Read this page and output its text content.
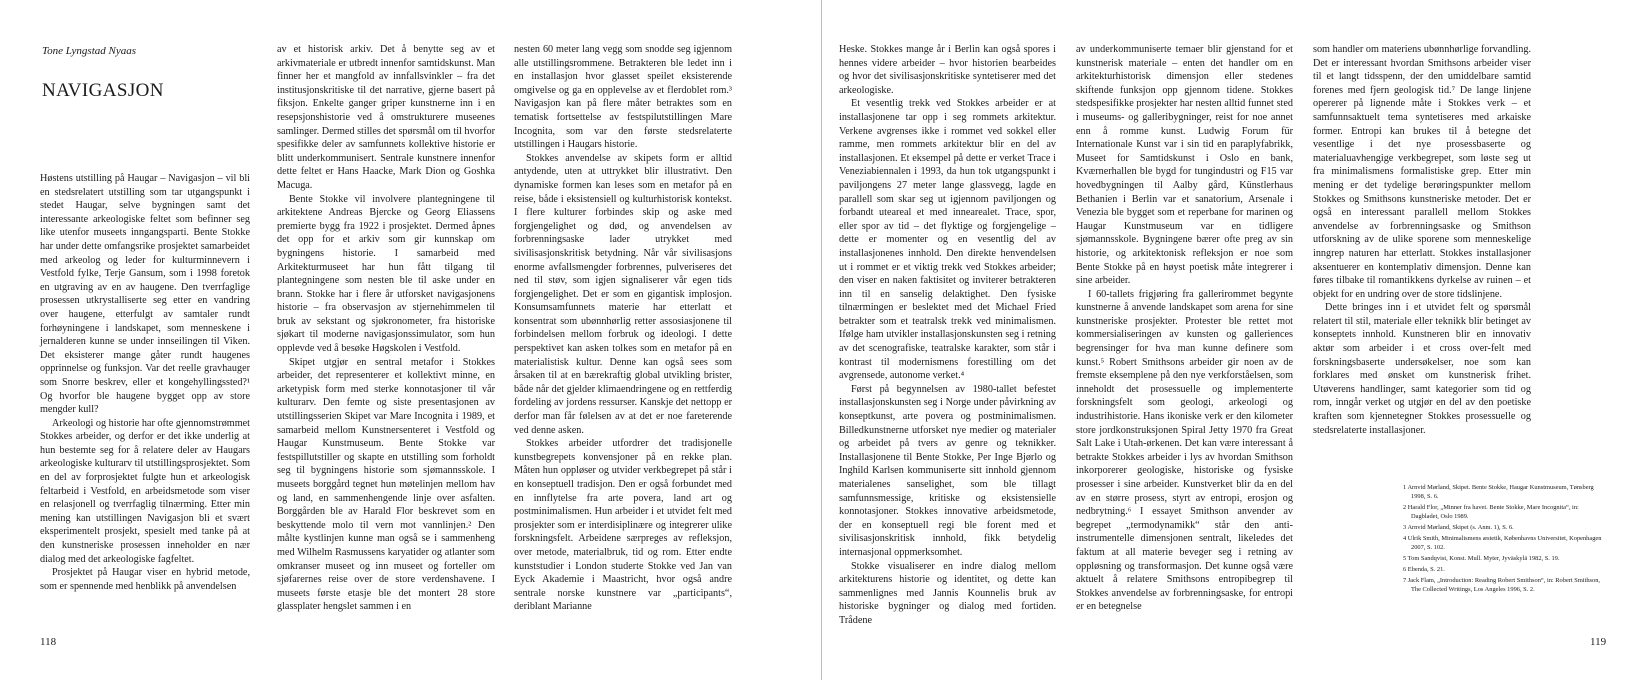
Tone Lyngstad Nyaas
NAVIGASJON

Høstens utstilling på Haugar – Navigasjon – vil bli en stedsrelatert utstilling som tar utgangspunkt i stedet Haugar, selve bygningen samt det interessante arkeologiske feltet som befinner seg like utenfor museets inngangsparti. Bente Stokke har under dette omfangsrike prosjektet samarbeidet med arkeolog og leder for kulturminnevern i Vestfold fylke, Terje Gansum, som i 1998 foretok en utgraving av en av haugene. Den tverrfaglige prosessen utkrystalliserte seg etter en vandring over haugene, etterfulgt av samtaler rundt forhøyningene i landskapet, som menneskene i jernalderen kunne se under innseilingen til Viken. Det eksisterer mange gåter rundt haugenes opprinnelse og funksjon. Var det reelle gravhauger som Snorre beskrev, eller et kongehyllingssted?¹ Og hvorfor ble haugene bygget opp av store mengder kull?

Arkeologi og historie har ofte gjennomstrømmet Stokkes arbeider, og derfor er det ikke underlig at hun bestemte seg for å relatere deler av Haugars arkeologiske kulturarv til utstillingsprosjektet. Som en del av forprosjektet fulgte hun et arkeologisk feltarbeid i Vestfold, en arbeidsmetode som viser en relasjonell og tverrfaglig tilnærming. Etter min mening kan utstillingen Navigasjon bli et svært eksperimentelt prosjekt, spesielt med tanke på at den kunstneriske prosessen inneholder en nær dialog med det arkeologiske fagfeltet.

Prosjektet på Haugar viser en hybrid metode, som er spennende med henblikk på anvendelsen

av et historisk arkiv. Det å benytte seg av et arkivmateriale er utbredt innenfor samtidskunst. Man finner her et mangfold av innfallsvinkler – fra det institusjonskritiske til det narrative, gjerne basert på fiksjon. Enkelte ganger griper kunstnerne inn i en resepsjonshistorie ved å omstrukturere museenes samlinger. Dermed stilles det spørsmål om til hvorfor spesifikke deler av samfunnets kollektive historie er blitt underkommunisert. Sentrale kunstnere innenfor dette feltet er Hans Haacke, Mark Dion og Goshka Macuga.

Bente Stokke vil involvere plantegningene til arkitektene Andreas Bjercke og Georg Eliassens premierte bygg fra 1922 i prosjektet. Dermed åpnes det opp for et arkiv som gir kunnskap om bygningens historie. I samarbeid med Arkitekturmuseet har hun fått tilgang til plantegningene som nesten ble til aske under en brann. Stokke har i flere år utforsket navigasjonens historie – fra observasjon av stjernehimmelen til bruk av sekstant og sjøkronometer, fra historiske sjøkart til moderne navigasjonssimulator, som hun opplevde ved å besøke Høgskolen i Vestfold.

Skipet utgjør en sentral metafor i Stokkes arbeider, det representerer et kollektivt minne, en arketypisk form med sterke konnotasjoner til vår kulturarv. Den femte og siste presentasjonen av utstillingsserien Skipet var Mare Incognita i 1989, et samarbeid mellom Kunstnersenteret i Vestfold og Haugar Kunstmuseum. Bente Stokke var festspillutstiller og skapte en utstilling som forholdt seg til bygningens historie som sjømannsskole. I museets borggård tegnet hun møtelinjen mellom hav og land, en sammenhengende linje over asfalten. Borggården ble av Harald Flor beskrevet som en beskyttende molo til vern mot vannlinjen.² Den målte kystlinjen kunne man også se i sammenheng med Wilhelm Rasmussens karyatider og atlanter som omkranser museet og inn museet og forteller om sjøfarernes reise over de store verdenshavene. I museets første etasje ble det montert 28 store glassplater hengslet sammen i en

nesten 60 meter lang vegg som snodde seg igjennom alle utstillingsrommene. Betrakteren ble ledet inn i en installasjon hvor glasset speilet eksisterende omgivelse og ga en opplevelse av et flerdoblet rom.³ Navigasjon kan på flere måter betraktes som en tematisk fortsettelse av festspilutstillingen Mare Incognita, som var den første stedsrelaterte utstillingen i Haugars historie.

Stokkes anvendelse av skipets form er alltid antydende, uten at uttrykket blir illustrativt. Den dynamiske formen kan leses som en metafor på en reise, både i eksistensiell og kulturhistorisk kontekst. I flere kulturer forbindes skip og aske med forgjengelighet og død, og anvendelsen av forbrenningsaske lader utrykket med sivilisasjonskritisk betydning. Når vår sivilisasjons enorme avfallsmengder forbrennes, pulveriseres det ned til støv, som igjen signaliserer vår egen tids forgjengelighet. Det er som en gigantisk implosjon. Konsumsamfunnets materie har etterlatt et konsentrat som ubønnhørlig retter assosiasjonene til forbindelsen mellom forbruk og ideologi. I dette perspektivet kan asken tolkes som en metafor på en materialistisk kultur. Denne kan også sees som årsaken til at en bærekraftig global utvikling brister, både når det gjelder klimaendringene og en rettferdig fordeling av jordens ressurser. Kanskje det nettopp er derfor man får følelsen av at det er noe fareterende ved denne asken.

Stokkes arbeider utfordrer det tradisjonelle kunstbegrepets konvensjoner på en rekke plan. Måten hun oppløser og utvider verkbegrepet på står i en konseptuell tradisjon. Den er også forbundet med en innflytelse fra arte povera, land art og postminimalismen. Hun arbeider i et utvidet felt med prosjekter som er interdisiplinære og integrerer ulike forskningsfelt. Arbeidene særpreges av refleksjon, over metode, materialbruk, tid og rom. Etter endte kunststudier i London studerte Stokke ved Jan van Eyck Akademie i Maastricht, hvor også andre sentrale norske kunstnere var „participants“, deriblant Marianne

118

Heske. Stokkes mange år i Berlin kan også spores i hennes videre arbeider – hvor historien bearbeides og hvor det sivilisasjonskritiske syntetiserer med det arkeologiske.

Et vesentlig trekk ved Stokkes arbeider er at installasjonene tar opp i seg rommets arkitektur. Verkene avgrenses ikke i rommet ved sokkel eller ramme, men rommets arkitektur blir en del av installasjonen. Et eksempel på dette er verket Trace i Veneziabiennalen i 1993, da hun tok utgangspunkt i paviljongens 27 meter lange glassvegg, lagde en parallell som skar seg ut igjennom paviljongen og forbandt uteareal et med innearealet. Trace, spor, eller spor av tid – det flyktige og forgjengelige – dette er momenter og en vesentlig del av installasjonenes innhold. Den direkte henvendelsen ut i rommet er et viktig trekk ved Stokkes arbeider; den viser en naken faktisitet og inviterer betrakteren inn til en sanselig delaktighet. Den fysiske tilnærmingen er beslektet med det Michael Fried betrakter som et teatralsk trekk ved minimalismen. Ifølge ham utvikler installasjonskunsten seg i retning av det scenografiske, teatralske karakter, som står i kontrast til modernismens forestilling om det avgrensede, autonome verket.⁴

Først på begynnelsen av 1980-tallet befestet installasjonskunsten seg i Norge under påvirkning av konseptkunst, arte povera og postminimalismen. Billedkunstnerne utforsket nye medier og materialer og arbeidet på tvers av genre og teknikker. Installasjonene til Bente Stokke, Per Inge Bjørlo og Inghild Karlsen kommuniserte sitt innhold gjennom materialenes sanselighet, som ble tillagt samfunnsmessige, kritiske og eksistensielle konnotasjoner. Stokkes innovative arbeidsmetode, der en konseptuell regi ble forent med et sivilisasjonskritisk innhold, fikk betydelig internasjonal oppmerksomhet.

Stokke visualiserer en indre dialog mellom arkitekturens historie og identitet, og dette kan sammenlignes med Jannis Kounnelis bruk av historiske bygninger og dialog med fortiden. Trådene

av underkommuniserte temaer blir gjenstand for et kunstnerisk materiale – enten det handler om en arkitekturhistorisk dimensjon eller stedenes skiftende funksjon opp gjennom tidene. Stokkes stedspesifikke prosjekter har nesten alltid funnet sted i museums- og galleribygninger, reist for noe annet enn å romme kunst. Ludwig Forum für Internationale Kunst var i sin tid en paraplyfabrikk, Museet for Samtidskunst i Oslo en bank, Kværnerhallen ble bygd for tungindustri og F15 var hovedbygningen til Aalby gård, Künstlerhaus Bethanien i Berlin var et sanatorium, Arsenale i Venezia ble bygget som et reperbane for marinen og Haugar Kunstmuseum var en tidligere sjømannsskole. Bygningene bærer ofte preg av sin historie, og arkitektonisk refleksjon er noe som Bente Stokke på en høyst poetisk måte integrerer i sine arbeider.

I 60-tallets frigjøring fra gallerirommet begynte kunstnerne å anvende landskapet som arena for sine kunstneriske prosjekter. Protester ble rettet mot kommersialiseringen av kunsten og galleriences begrensinger for hva man kunne definere som kunst.⁵ Robert Smithsons arbeider gir noen av de fremste eksemplene på den nye verkforståelsen, som inneholdt det prosessuelle og implementerte forskningsfelt som geologi, arkeologi og industrihistorie. Hans ikoniske verk er den kilometer store jordkonstruksjonen Spiral Jetty 1970 fra Great Salt Lake i Utah-ørkenen. Det kan være interessant å betrakte Stokkes arbeider i lys av hvordan Smithson inkorporerer geologiske, historiske og fysiske prosesser i sine arbeider. Kunstverket blir da en del av en større prosess, styrt av entropi, erosjon og nedbrytning.⁶ I essayet Smithson anvender av begrepet „termodynamikk“ står den anti-instrumentelle dimensjonen sentralt, likeledes det faktum at all materie beveger seg i retning av oppløsning og transformasjon. Det kunne også være aktuelt å relatere Smithsons entropibegrep til Stokkes anvendelse av forbrenningsaske, for entropi er en betegnelse

som handler om materiens ubønnhørlige forvandling. Det er interessant hvordan Smithsons arbeider viser til et langt tidsspenn, der den umiddelbare samtid forenes med fjern geologisk tid.⁷ De lange linjene opererer på lignende måte i Stokkes verk – et samfunnsaktuelt tema syntetiseres med arkaiske former. Entropi kan brukes til å betegne det vesentlige i det nye prosessbaserte og materialuavhengige verkbegrepet, som løste seg ut fra minimalismens formalistiske grep. Etter min mening er det tydelige berøringspunkter mellom Stokkes og Smithsons kunstneriske metoder. Det er også en interessant parallell mellom Stokkes anvendelse av forbrenningsaske og Smithson utforskning av de ulike sporene som menneskelige inngrep naturen har etterlatt. Stokkes installasjoner aksentuerer en kontemplativ dimensjon. Denne kan føres tilbake til romantikkens dyrkelse av ruinen – et objekt for en undring over de store tidslinjene.

Dette bringes inn i et utvidet felt og spørsmål relatert til stil, materiale eller teknikk blir betinget av konseptets innhold. Kunstneren blir en innovativ aktør som arbeider i et cross over-felt med forskningsbaserte undersøkelser, noe som kan forklares med ønsket om kunstnerisk frihet. Utøverens handlinger, samt kategorier som tid og rom, inngår verket og utgjør en del av den poetiske kraften som kjennetegner Stokkes prosessuelle og stedsrelaterte installasjoner.

119

1 Arnvid Mørland, Skipet. Bente Stokke, Haugar Kunstmuseum, Tønsberg 1998, S. 6.

2 Harald Flor, „Minner fra havet. Bente Stokke, Mare Incognita“, in: Dagbladet, Oslo 1989.

3 Arnvid Mørland, Skipet (s. Anm. 1), S. 6.

4 Ulrik Smith, Minimalismens æstetik, Københavns Universitet, Kopenhagen 2007, S. 102.

5 Tom Sandqvist, Konst. Mull. Myter, Jyväskylä 1982, S. 19.

6 Ebenda, S. 21.

7 Jack Flam, „Introduction: Reading Robert Smithson“, in: Robert Smithson, The Collected Writings, Los Angeles 1996, S. 2.
